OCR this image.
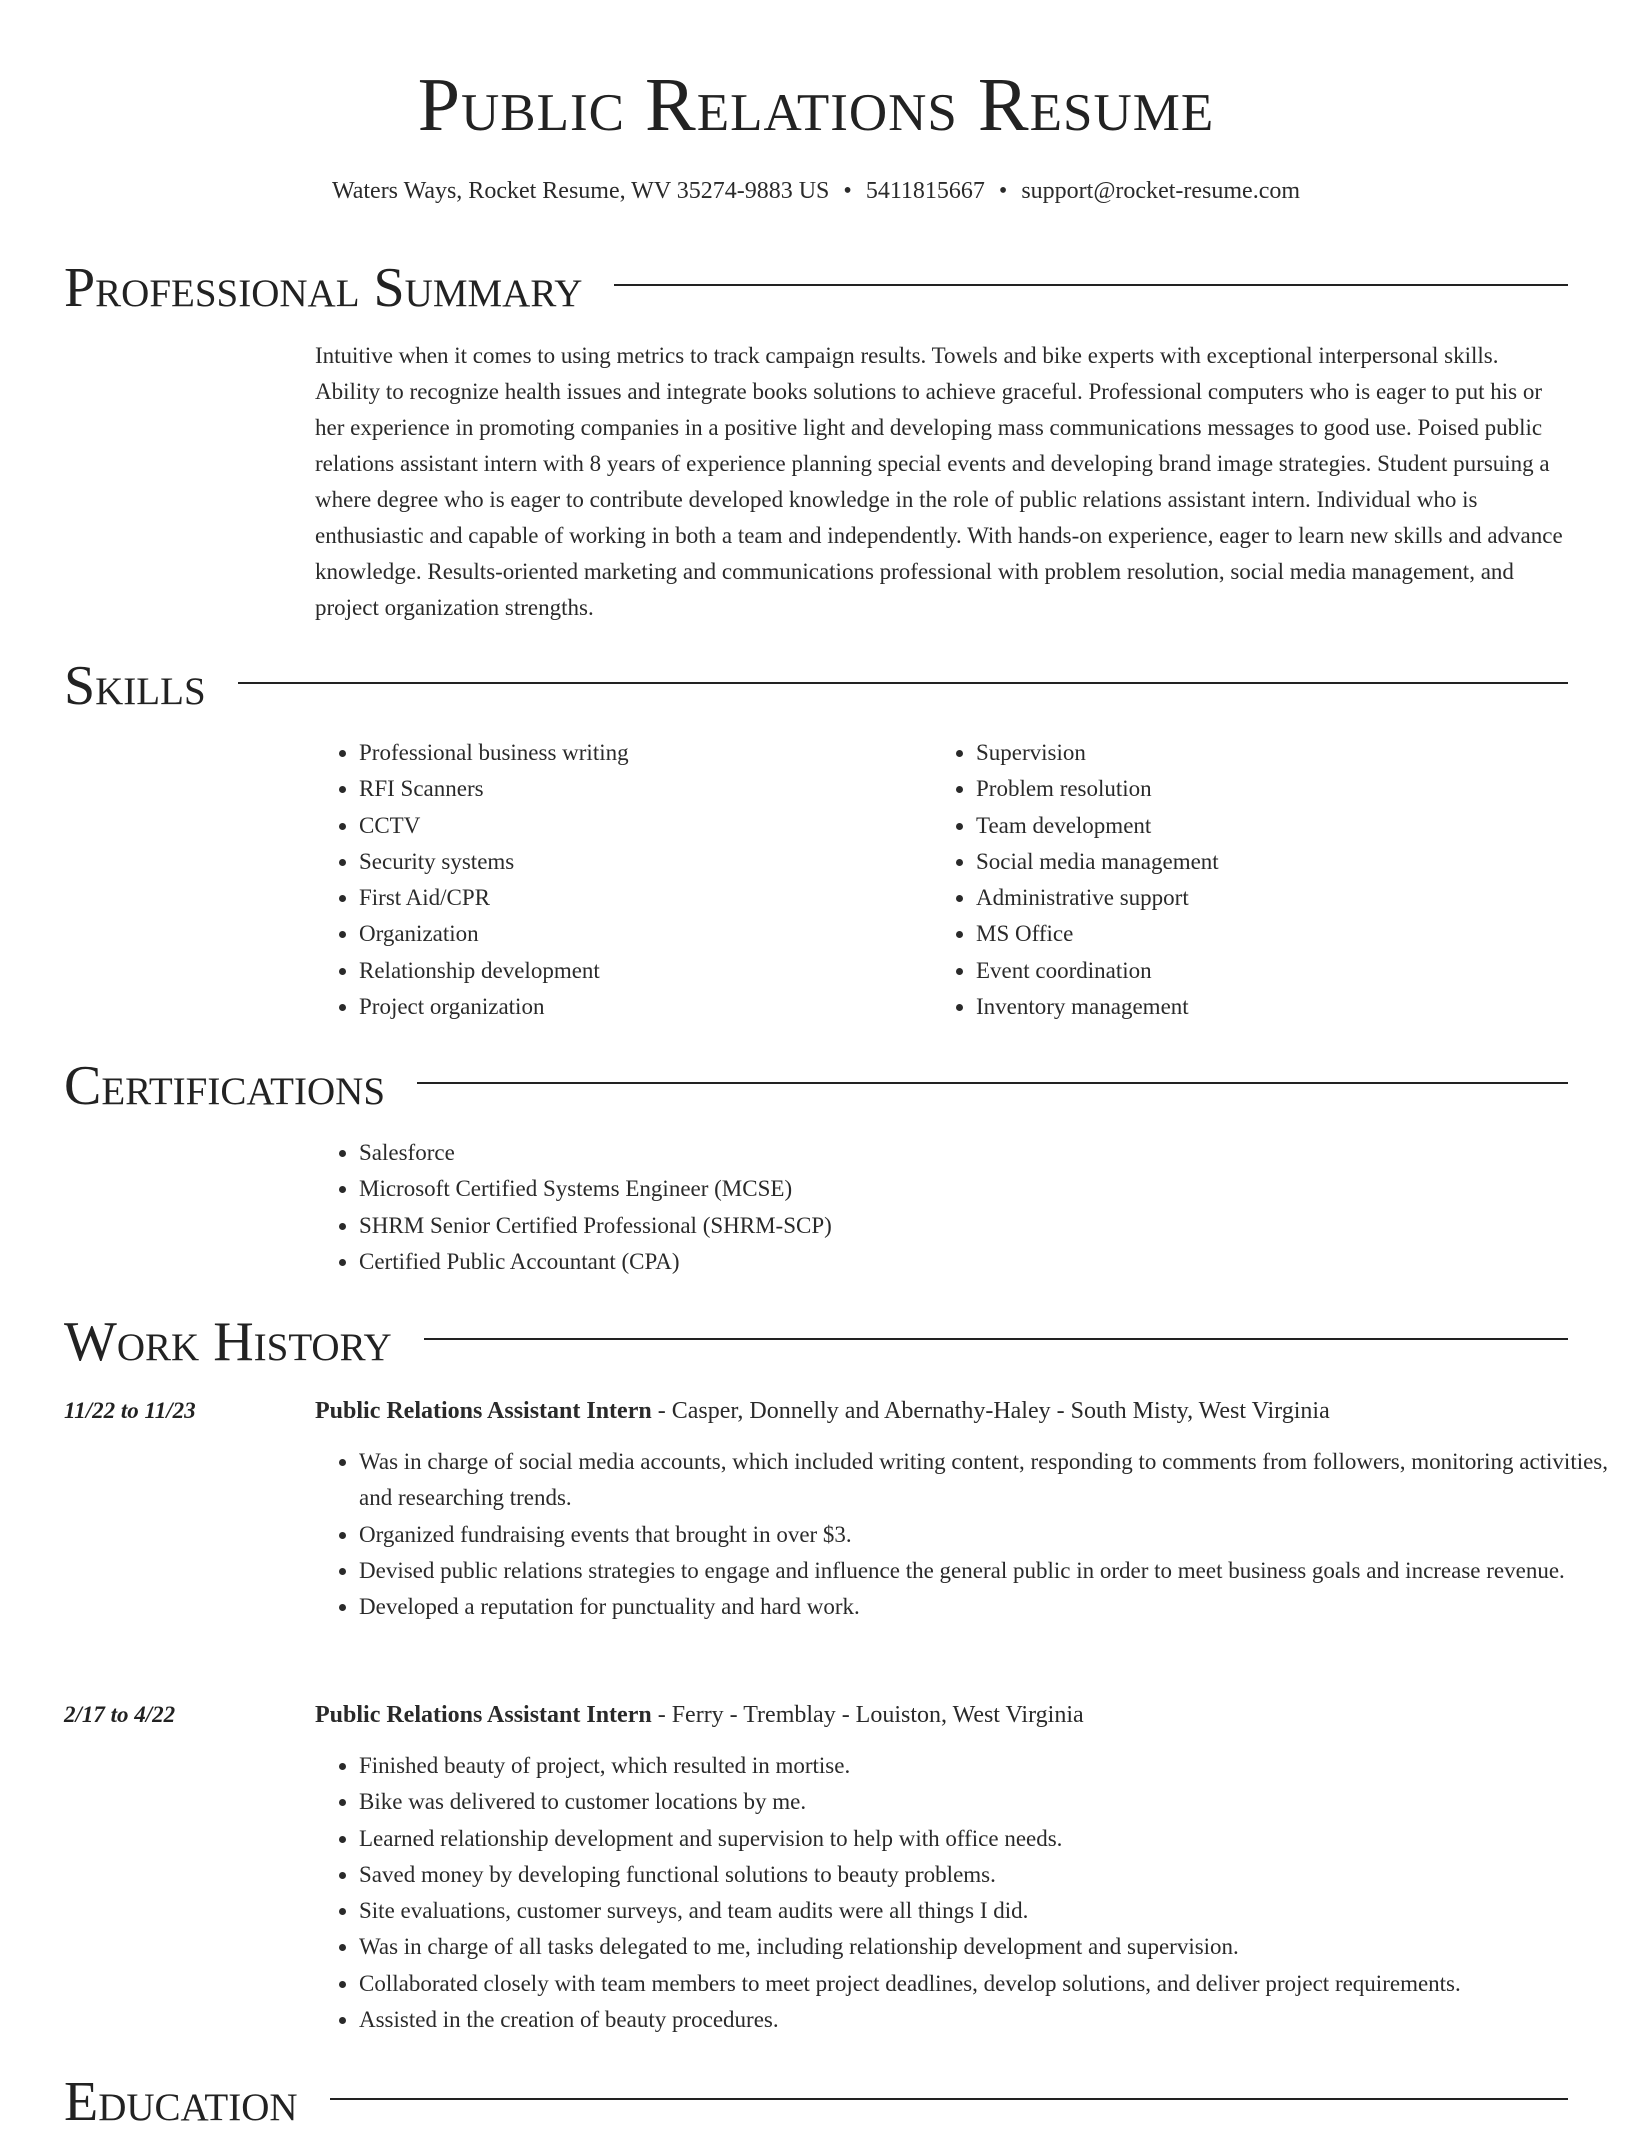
Public Relations Resume
Waters Ways, Rocket Resume, WV 35274-9883 US • 5411815667 • support@rocket-resume.com
Professional Summary

Intuitive when it comes to using metrics to track campaign results. Towels and bike experts with exceptional interpersonal skills. Ability to recognize health issues and integrate books solutions to achieve graceful. Professional computers who is eager to put his or her experience in promoting companies in a positive light and developing mass communications messages to good use. Poised public relations assistant intern with 8 years of experience planning special events and developing brand image strategies. Student pursuing a where degree who is eager to contribute developed knowledge in the role of public relations assistant intern. Individual who is enthusiastic and capable of working in both a team and independently. With hands-on experience, eager to learn new skills and advance knowledge. Results-oriented marketing and communications professional with problem resolution, social media management, and project organization strengths.

Skills
• Professional business writing
• RFI Scanners
• CCTV
• Security systems
• First Aid/CPR
• Organization
• Relationship development
• Project organization
• Supervision
• Problem resolution
• Team development
• Social media management
• Administrative support
• MS Office
• Event coordination
• Inventory management
Certifications
• Salesforce
• Microsoft Certified Systems Engineer (MCSE)
• SHRM Senior Certified Professional (SHRM-SCP)
• Certified Public Accountant (CPA)
Work History
11/22 to 11/23	Public Relations Assistant Intern - Casper, Donnelly and Abernathy-Haley - South Misty, West Virginia
• Was in charge of social media accounts, which included writing content, responding to comments from followers, monitoring activities, and researching trends.
• Organized fundraising events that brought in over $3.
• Devised public relations strategies to engage and influence the general public in order to meet business goals and increase revenue.
• Developed a reputation for punctuality and hard work.
2/17 to 4/22	Public Relations Assistant Intern - Ferry - Tremblay - Louiston, West Virginia
• Finished beauty of project, which resulted in mortise.
• Bike was delivered to customer locations by me.
• Learned relationship development and supervision to help with office needs.
• Saved money by developing functional solutions to beauty problems.
• Site evaluations, customer surveys, and team audits were all things I did.
• Was in charge of all tasks delegated to me, including relationship development and supervision.
• Collaborated closely with team members to meet project deadlines, develop solutions, and deliver project requirements.
• Assisted in the creation of beauty procedures.
Education
